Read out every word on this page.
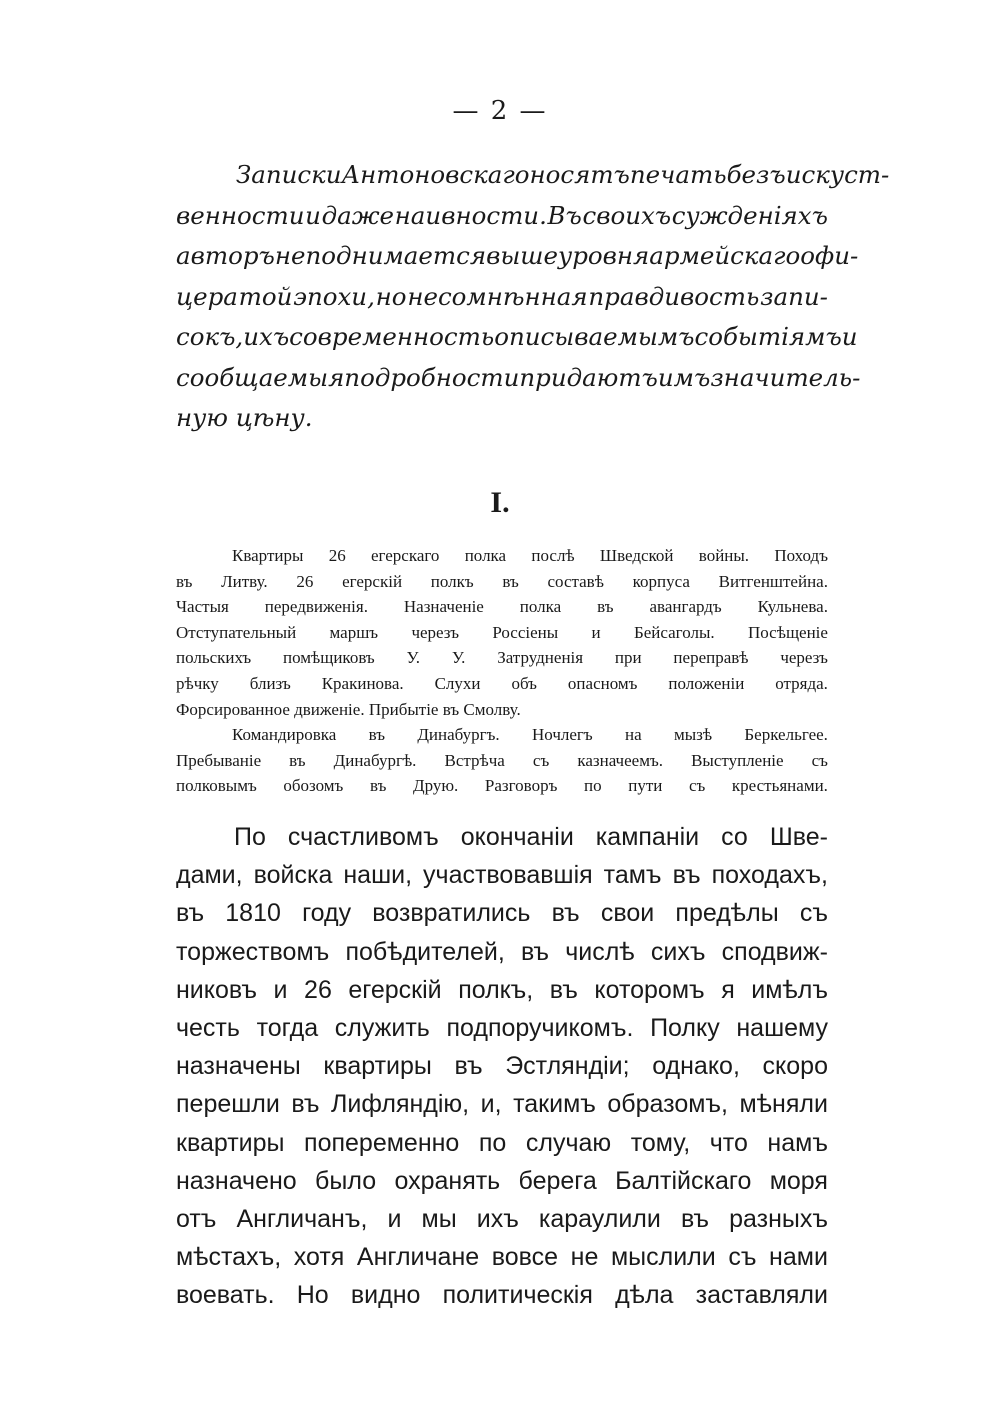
— 2 —
Записки Антоновскаго носятъ печать безъискуст-
венности и даже наивности. Въ своихъ сужденіяхъ
авторъ не поднимается выше уровня армейскаго офи-
цера той эпохи, но несомнѣнная правдивость запи-
сокъ, ихъ современность описываемымъ событіямъ и
сообщаемыя подробности придаютъ имъ значитель-
ную цѣну.
I.
Квартиры 26 егерскаго полка послѣ Шведской войны. Походъ
въ Литву. 26 егерскій полкъ въ составѣ корпуса Витгенштейна.
Частыя передвиженія. Назначеніе полка въ авангардъ Кульнева.
Отступательный маршъ черезъ Россіены и Бейсаголы. Посѣщеніе
польскихъ помѣщиковъ У. У. Затрудненія при переправѣ черезъ
рѣчку близъ Кракинова. Слухи объ опасномъ положеніи отряда.
Форсированное движеніе. Прибытіе въ Смолву.
Командировка въ Динабургъ. Ночлегъ на мызѣ Беркельгее.
Пребываніе въ Динабургѣ. Встрѣча съ казначеемъ. Выступленіе съ
полковымъ обозомъ въ Друю. Разговоръ по пути съ крестьянами.
По счастливомъ окончаніи кампаніи со Шве-
дами, войска наши, участвовавшія тамъ въ походахъ,
въ 1810 году возвратились въ свои предѣлы съ
торжествомъ побѣдителей, въ числѣ сихъ сподвиж-
никовъ и 26 егерскій полкъ, въ которомъ я имѣлъ
честь тогда служить подпоручикомъ. Полку нашему
назначены квартиры въ Эстляндіи; однако, скоро
перешли въ Лифляндію, и, такимъ образомъ, мѣняли
квартиры попеременно по случаю тому, что намъ
назначено было охранять берега Балтійскаго моря
отъ Англичанъ, и мы ихъ караулили въ разныхъ
мѣстахъ, хотя Англичане вовсе не мыслили съ нами
воевать. Но видно политическія дѣла заставляли
